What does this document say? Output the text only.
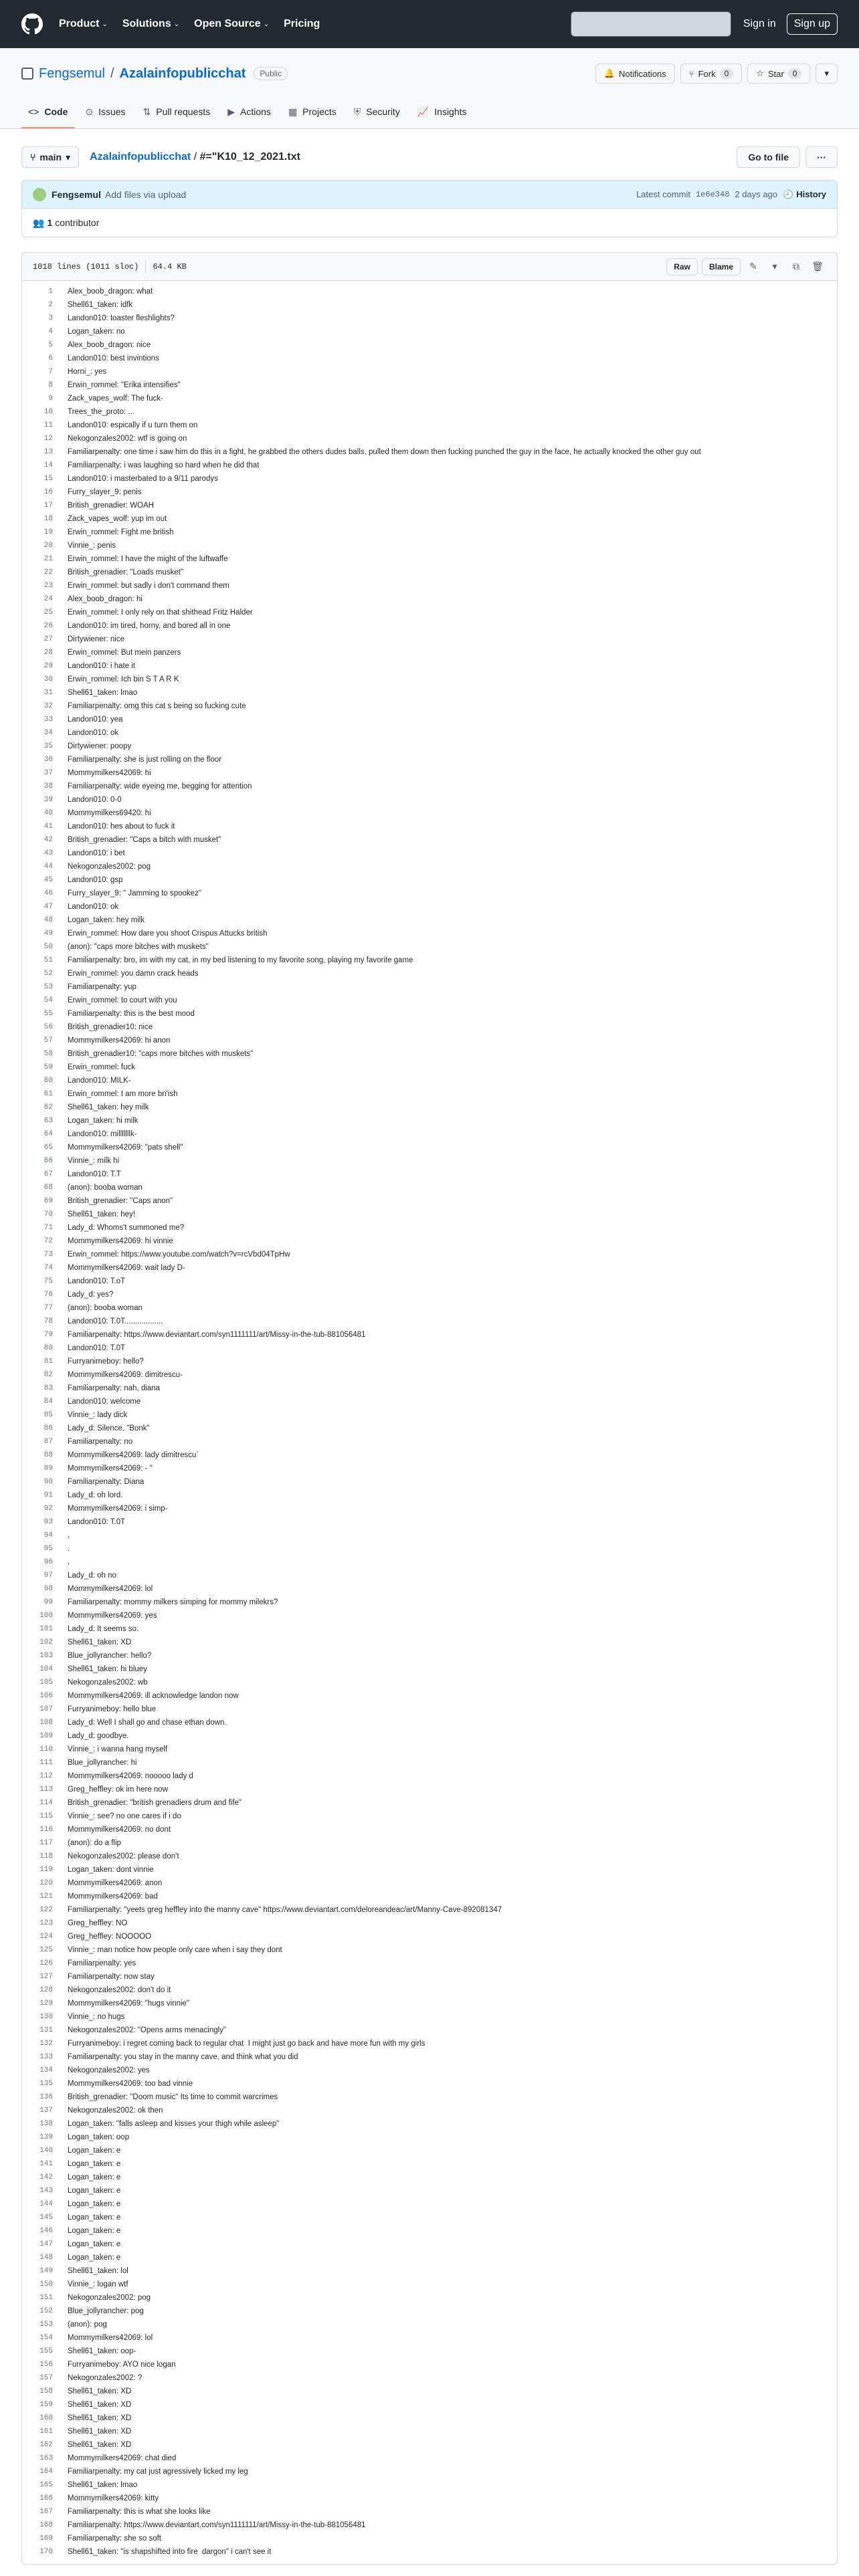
Product ⌄ Solutions ⌄ Open Source ⌄ Pricing	Sign in	Sign up
Fengsemul / Azalainfopublicchat	Public	🔔 Notifications	⑂ Fork	0	☆ Star	0	▾
<> Code ⊙ Issues ⇅ Pull requests ▶ Actions ▦ Projects ⛨ Security 📈 Insights
⑂ main ▾ Azalainfopublicchat / #="K10_12_2021.txt	Go to file	···
Fengsemul Add files via upload	Latest commit 1e6e348 2 days ago 🕘 History
👥 1 contributor
1018 lines (1011 sloc) 64.4 KB	Raw	Blame	✎	▾	⧉	🗑
1	Alex_boob_dragon: what
2	Shell61_taken: idfk
3	Landon010: toaster fleshlights?
4	Logan_taken: no
5	Alex_boob_dragon: nice
6	Landon010: best invintions
7	Horni_: yes
8	Erwin_rommel: "Erika intensifies"
9	Zack_vapes_wolf: The fuck-
10	Trees_the_proto: ...
11	Landon010: espically if u turn them on
12	Nekogonzales2002: wtf is going on
13	Familiarpenalty: one time i saw him do this in a fight, he grabbed the others dudes balls, pulled them down then fucking punched the guy in the face, he actually knocked the other guy out
14	Familiarpenalty: i was laughing so hard when he did that
15	Landon010: i masterbated to a 9/11 parodys
16	Furry_slayer_9: penis
17	British_grenadier: WOAH
18	Zack_vapes_wolf: yup im out
19	Erwin_rommel: Fight me british
20	Vinnie_: penis
21	Erwin_rommel: I have the might of the luftwaffe
22	British_grenadier: "Loads musket"
23	Erwin_rommel: but sadly i don't command them
24	Alex_boob_dragon: hi
25	Erwin_rommel: I only rely on that shithead Fritz Halder
26	Landon010: im tired, horny, and bored all in one
27	Dirtywiener: nice
28	Erwin_rommel: But mein panzers
29	Landon010: i hate it
30	Erwin_rommel: Ich bin S T A R K
31	Shell61_taken: lmao
32	Familiarpenalty: omg this cat s being so fucking cute
33	Landon010: yea
34	Landon010: ok
35	Dirtywiener: poopy
36	Familiarpenalty: she is just rolling on the floor
37	Mommymilkers42069: hi
38	Familiarpenalty: wide eyeing me, begging for attention
39	Landon010: 0-0
40	Mommymilkers69420: hi
41	Landon010: hes about to fuck it
42	British_grenadier: "Caps a bitch with musket"
43	Landon010: i bet
44	Nekogonzales2002: pog
45	Landon010: gsp
46	Furry_slayer_9: " Jamming to spookez"
47	Landon010: ok
48	Logan_taken: hey milk
49	Erwin_rommel: How dare you shoot Crispus Attucks british
50	(anon): "caps more bitches with muskets"
51	Familiarpenalty: bro, im with my cat, in my bed listening to my favorite song, playing my favorite game
52	Erwin_rommel: you damn crack heads
53	Familiarpenalty: yup
54	Erwin_rommel: to court with you
55	Familiarpenalty: this is the best mood
56	British_grenadier10: nice
57	Mommymilkers42069: hi anon
58	British_grenadier10: "caps more bitches with muskets"
59	Erwin_rommel: fuck
60	Landon010: MILK-
61	Erwin_rommel: I am more bri'ish
62	Shell61_taken: hey milk
63	Logan_taken: hi milk
64	Landon010: milllllllk-
65	Mommymilkers42069: "pats shell"
66	Vinnie_: milk hi
67	Landon010: T.T
68	(anon): booba woman
69	British_grenadier: "Caps anon"
70	Shell61_taken: hey!
71	Lady_d: Whoms't summoned me?
72	Mommymilkers42069: hi vinnie
73	Erwin_rommel: https://www.youtube.com/watch?v=rcVbd04TpHw
74	Mommymilkers42069: wait lady D-
75	Landon010: T.oT
76	Lady_d: yes?
77	(anon): booba woman
78	Landon010: T.0T..................
79	Familiarpenalty: https://www.deviantart.com/syn1111111/art/Missy-in-the-tub-881056481
80	Landon010: T.0T
81	Furryanimeboy: hello?
82	Mommymilkers42069: dimitrescu-
83	Familiarpenalty: nah, diana
84	Landon010: welcome
85	Vinnie_: lady dick
86	Lady_d: Silence. "Bonk"
87	Familiarpenalty: no
88	Mommymilkers42069: lady dimitrescu`
89	Mommymilkers42069: - "
90	Familiarpenalty: Diana
91	Lady_d: oh lord.
92	Mommymilkers42069: i simp-
93	Landon010: T.0T
94	.
95	.
96	.
97	Lady_d: oh no
98	Mommymilkers42069: lol
99	Familiarpenalty: mommy milkers simping for mommy milekrs?
100	Mommymilkers42069: yes
101	Lady_d: It seems so.
102	Shell61_taken: XD
103	Blue_jollyrancher: hello?
104	Shell61_taken: hi bluey
105	Nekogonzales2002: wb
106	Mommymilkers42069: ill acknowledge landon now
107	Furryanimeboy: hello blue
108	Lady_d: Well I shall go and chase ethan down.
109	Lady_d: goodbye.
110	Vinnie_: i wanna hang myself
111	Blue_jollyrancher: hi
112	Mommymilkers42069: nooooo lady d
113	Greg_heffley: ok im here now
114	British_grenadier: "british grenadiers drum and fife"
115	Vinnie_: see? no one cares if i do
116	Mommymilkers42069: no dont
117	(anon): do a flip
118	Nekogonzales2002: please don't
119	Logan_taken: dont vinnie
120	Mommymilkers42069: anon
121	Mommymilkers42069: bad
122	Familiarpenalty: "yeets greg heffley into the manny cave" https://www.deviantart.com/deloreandeac/art/Manny-Cave-892081347
123	Greg_heffley: NO
124	Greg_heffley: NOOOOO
125	Vinnie_: man notice how people only care when i say they dont
126	Familiarpenalty: yes
127	Familiarpenalty: now stay
128	Nekogonzales2002: don't do it
129	Mommymilkers42069: "hugs vinnie"
130	Vinnie_: no hugs
131	Nekogonzales2002: "Opens arms menacingly"
132	Furryanimeboy: i regret coming back to regular chat  I might just go back and have more fun with my girls
133	Familiarpenalty: you stay in the manny cave, and think what you did
134	Nekogonzales2002: yes
135	Mommymilkers42069: too bad vinnie
136	British_grenadier: "Doom music" Its time to commit warcrimes
137	Nekogonzales2002: ok then
138	Logan_taken: "falls asleep and kisses your thigh while asleep"
139	Logan_taken: oop
140	Logan_taken: e
141	Logan_taken: e
142	Logan_taken: e
143	Logan_taken: e
144	Logan_taken: e
145	Logan_taken: e
146	Logan_taken: e
147	Logan_taken: e
148	Logan_taken: e
149	Shell61_taken: lol
150	Vinnie_: logan wtf
151	Nekogonzales2002: pog
152	Blue_jollyrancher: pog
153	(anon): pog
154	Mommymilkers42069: lol
155	Shell61_taken: oop-
156	Furryanimeboy: AYO nice logan
157	Nekogonzales2002: ?
158	Shell61_taken: XD
159	Shell61_taken: XD
160	Shell61_taken: XD
161	Shell61_taken: XD
162	Shell61_taken: XD
163	Mommymilkers42069: chat died
164	Familiarpenalty: my cat just agressively licked my leg
165	Shell61_taken: lmao
166	Mommymilkers42069: kitty
167	Familiarpenalty: this is what she looks like
168	Familiarpenalty: https://www.deviantart.com/syn1111111/art/Missy-in-the-tub-881056481
169	Familiarpenalty: she so soft
170	Shell61_taken: "is shapshifted into fire  dargon" i can't see it
